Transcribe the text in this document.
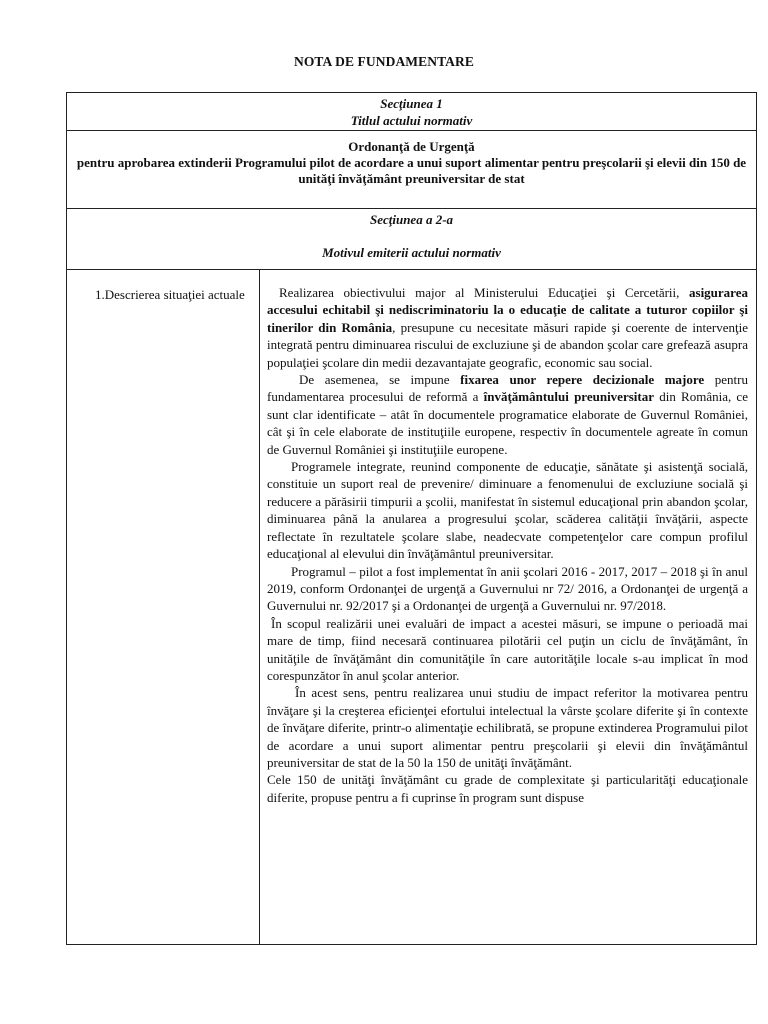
NOTA DE FUNDAMENTARE
Secţiunea 1
Titlul actului normativ
Ordonanţă de Urgenţă
pentru aprobarea extinderii Programului pilot de acordare a unui suport alimentar pentru preşcolarii şi elevii din 150 de unităţi învăţământ preuniversitar de stat
Secţiunea a 2-a
Motivul emiterii actului normativ
1.Descrierea situaţiei actuale	Realizarea obiectivului major al Ministerului Educaţiei şi Cercetării, asigurarea accesului echitabil şi nediscriminatoriu la o educaţie de calitate a tuturor copiilor şi tinerilor din România, presupune cu necesitate măsuri rapide şi coerente de intervenţie integrată pentru diminuarea riscului de excluziune şi de abandon şcolar care grefează asupra populaţiei şcolare din medii dezavantajate geografic, economic sau social.

De asemenea, se impune fixarea unor repere decizionale majore pentru fundamentarea procesului de reformă a învăţământului preuniversitar din România, ce sunt clar identificate – atât în documentele programatice elaborate de Guvernul României, cât şi în cele elaborate de instituţiile europene, respectiv în documentele agreate în comun de Guvernul României şi instituţiile europene.

Programele integrate, reunind componente de educaţie, sănătate şi asistenţă socială, constituie un suport real de prevenire/ diminuare a fenomenului de excluziune socială şi reducere a părăsirii timpurii a şcolii, manifestat în sistemul educaţional prin abandon şcolar, diminuarea până la anularea a progresului şcolar, scăderea calităţii învăţării, aspecte reflectate în rezultatele şcolare slabe, neadecvate competenţelor care compun profilul educaţional al elevului din învăţământul preuniversitar.

Programul – pilot a fost implementat în anii şcolari 2016 - 2017, 2017 – 2018 şi în anul 2019, conform Ordonanţei de urgenţă a Guvernului nr 72/ 2016, a Ordonanţei de urgenţă a Guvernului nr. 92/2017 şi a Ordonanţei de urgenţă a Guvernului nr. 97/2018.

În scopul realizării unei evaluări de impact a acestei măsuri, se impune o perioadă mai mare de timp, fiind necesară continuarea pilotării cel puţin un ciclu de învăţământ, în unităţile de învăţământ din comunităţile în care autorităţile locale s-au implicat în mod corespunzător în anul şcolar anterior.

În acest sens, pentru realizarea unui studiu de impact referitor la motivarea pentru învăţare şi la creşterea eficienţei efortului intelectual la vârste şcolare diferite şi în contexte de învăţare diferite, printr-o alimentaţie echilibrată, se propune extinderea Programului pilot de acordare a unui suport alimentar pentru preşcolarii şi elevii din învăţământul preuniversitar de stat de la 50 la 150 de unităţi învăţământ.

Cele 150 de unităţi învăţământ cu grade de complexitate şi particularităţi educaţionale diferite, propuse pentru a fi cuprinse în program sunt dispuse
